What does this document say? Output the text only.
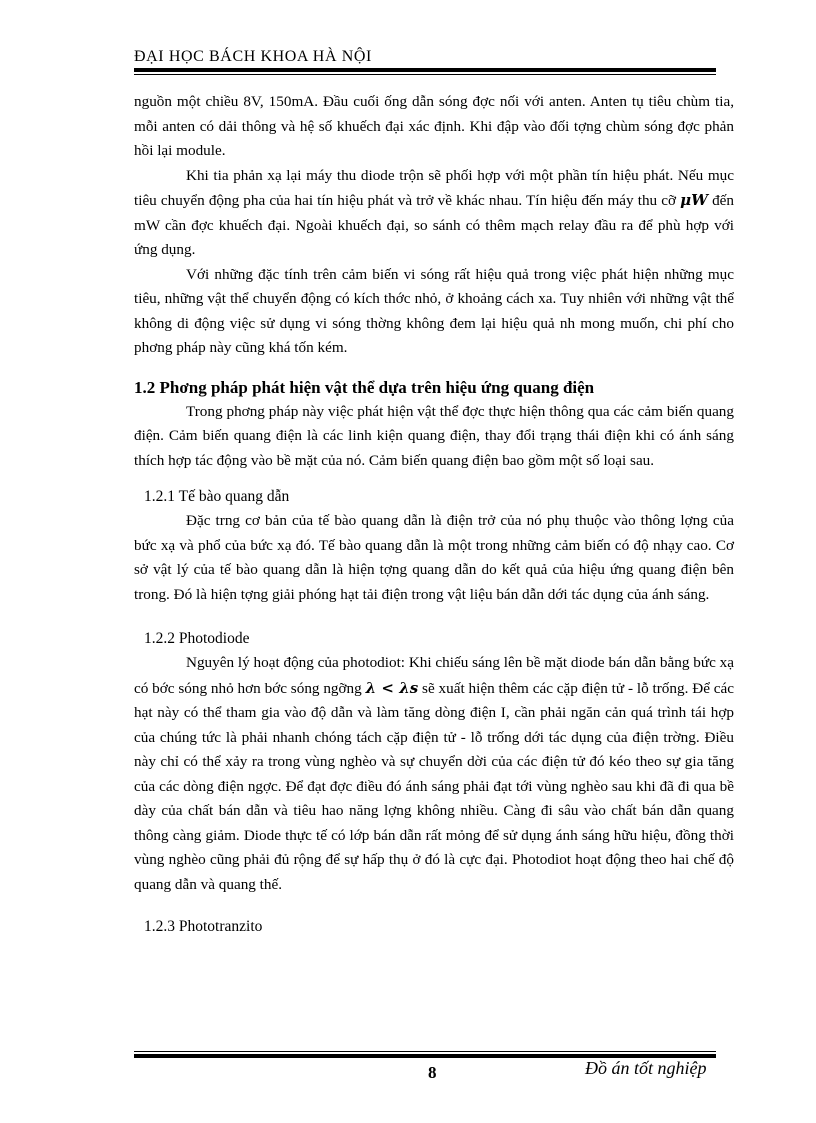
ĐẠI HỌC BÁCH KHOA HÀ NỘI

nguồn một chiều 8V, 150mA. Đầu cuối ống dẫn sóng đợc nối với anten. Anten tụ tiêu chùm tia, mỗi anten có dải thông và hệ số khuếch đại xác định. Khi đập vào đối tợng chùm sóng đợc phản hồi lại module.

Khi tia phản xạ lại máy thu diode trộn sẽ phối hợp với một phần tín hiệu phát. Nếu mục tiêu chuyển động pha của hai tín hiệu phát và trở về khác nhau. Tín hiệu đến máy thu cỡ μW đến mW cần đợc khuếch đại. Ngoài khuếch đại, so sánh có thêm mạch relay đầu ra để phù hợp với ứng dụng.

Với những đặc tính trên cảm biến vi sóng rất hiệu quả trong việc phát hiện những mục tiêu, những vật thể chuyển động có kích thớc nhỏ, ở khoảng cách xa. Tuy nhiên với những vật thể không di động việc sử dụng vi sóng thờng không đem lại hiệu quả nh mong muốn, chi phí cho phơng pháp này cũng khá tốn kém.

1.2 Phơng pháp phát hiện vật thể dựa trên hiệu ứng quang điện

Trong phơng pháp này việc phát hiện vật thể đợc thực hiện thông qua các cảm biến quang điện. Cảm biến quang điện là các linh kiện quang điện, thay đổi trạng thái điện khi có ánh sáng thích hợp tác động vào bề mặt của nó. Cảm biến quang điện bao gồm một số loại sau.

1.2.1 Tế bào quang dẫn

Đặc trng cơ bản của tế bào quang dẫn là điện trở của nó phụ thuộc vào thông lợng của bức xạ và phổ của bức xạ đó. Tế bào quang dẫn là một trong những cảm biến có độ nhạy cao. Cơ sở vật lý của tế bào quang dẫn là hiện tợng quang dẫn do kết quả của hiệu ứng quang điện bên trong. Đó là hiện tợng giải phóng hạt tải điện trong vật liệu bán dẫn dới tác dụng của ánh sáng.

1.2.2 Photodiode

Nguyên lý hoạt động của photodiot: Khi chiếu sáng lên bề mặt diode bán dẫn bằng bức xạ có bớc sóng nhỏ hơn bớc sóng ngỡng λ < λs sẽ xuất hiện thêm các cặp điện tử - lỗ trống. Để các hạt này có thể tham gia vào độ dẫn và làm tăng dòng điện I, cần phải ngăn cản quá trình tái hợp của chúng tức là phải nhanh chóng tách cặp điện tử - lỗ trống dới tác dụng của điện trờng. Điều này chỉ có thể xảy ra trong vùng nghèo và sự chuyển dời của các điện tử đó kéo theo sự gia tăng của các dòng điện ngợc. Để đạt đợc điều đó ánh sáng phải đạt tới vùng nghèo sau khi đã đi qua bề dày của chất bán dẫn và tiêu hao năng lợng không nhiều. Càng đi sâu vào chất bán dẫn quang thông càng giảm. Diode thực tế có lớp bán dẫn rất mỏng để sử dụng ánh sáng hữu hiệu, đồng thời vùng nghèo cũng phải đủ rộng để sự hấp thụ ở đó là cực đại. Photodiot hoạt động theo hai chế độ quang dẫn và quang thế.

1.2.3 Phototranzito

8	Đồ án tốt nghiệp
